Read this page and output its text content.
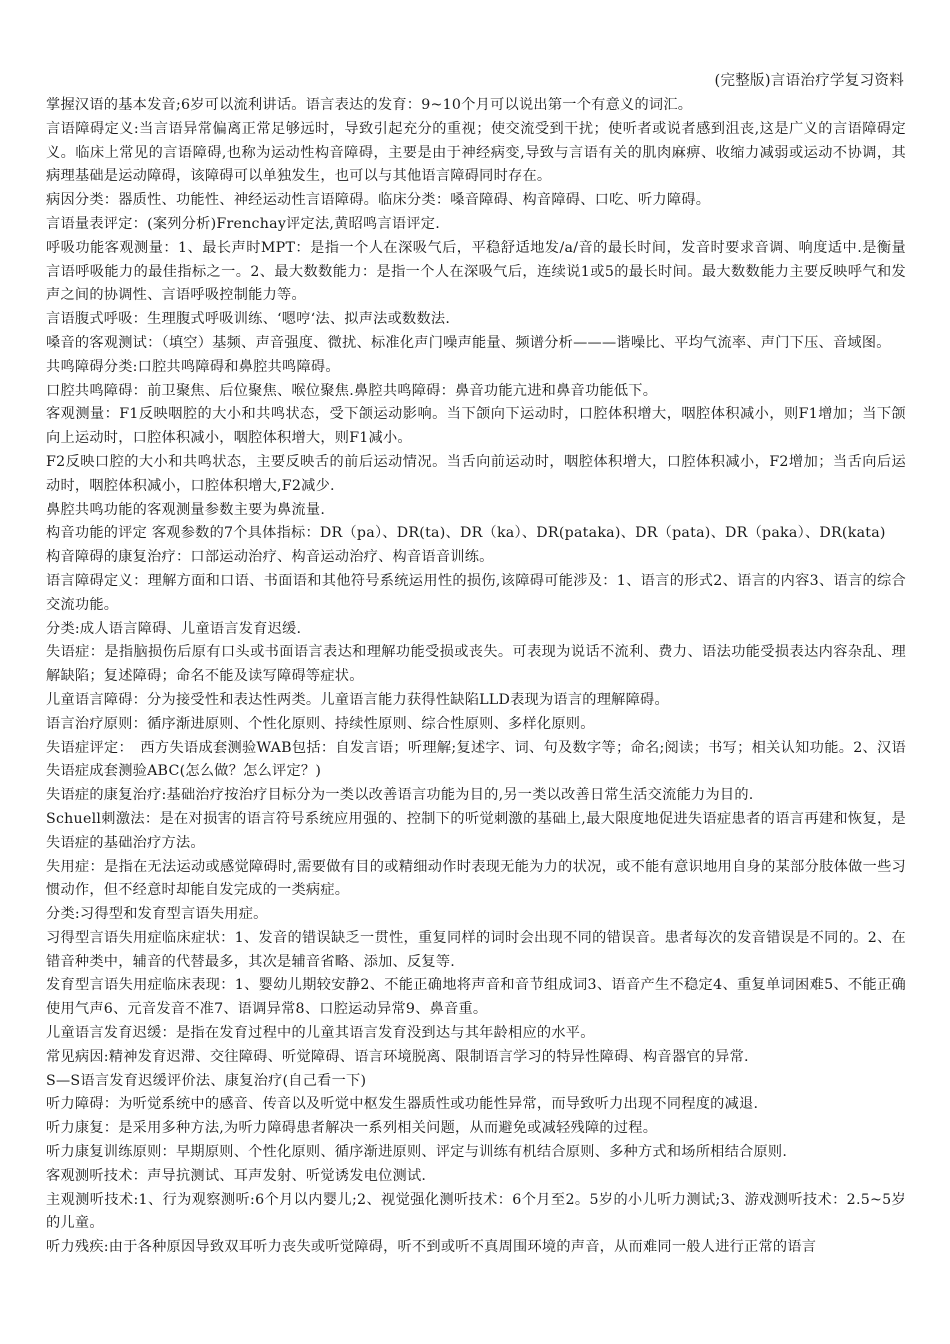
(完整版)言语治疗学复习资料

掌握汉语的基本发音;6岁可以流利讲话。语言表达的发育：9~10个月可以说出第一个有意义的词汇。

言语障碍定义:当言语异常偏离正常足够远时，导致引起充分的重视；使交流受到干扰；使听者或说者感到沮丧,这是广义的言语障碍定义。临床上常见的言语障碍,也称为运动性构音障碍，主要是由于神经病变,导致与言语有关的肌肉麻痹、收缩力减弱或运动不协调，其病理基础是运动障碍，该障碍可以单独发生，也可以与其他语言障碍同时存在。

病因分类：器质性、功能性、神经运动性言语障碍。临床分类：嗓音障碍、构音障碍、口吃、听力障碍。

言语量表评定：(案列分析)Frenchay评定法,黄昭鸣言语评定.

呼吸功能客观测量：1、最长声时MPT：是指一个人在深吸气后，平稳舒适地发/a/音的最长时间，发音时要求音调、响度适中.是衡量言语呼吸能力的最佳指标之一。2、最大数数能力：是指一个人在深吸气后，连续说1或5的最长时间。最大数数能力主要反映呼气和发声之间的协调性、言语呼吸控制能力等。

言语腹式呼吸：生理腹式呼吸训练、‘嗯哼‘法、拟声法或数数法.

嗓音的客观测试：（填空）基频、声音强度、微扰、标准化声门噪声能量、频谱分析———谐噪比、平均气流率、声门下压、音域图。

共鸣障碍分类:口腔共鸣障碍和鼻腔共鸣障碍。

口腔共鸣障碍：前卫聚焦、后位聚焦、喉位聚焦.鼻腔共鸣障碍：鼻音功能亢进和鼻音功能低下。

客观测量：F1反映咽腔的大小和共鸣状态，受下颌运动影响。当下颌向下运动时，口腔体积增大，咽腔体积减小，则F1增加；当下颌向上运动时，口腔体积减小，咽腔体积增大，则F1减小。

F2反映口腔的大小和共鸣状态，主要反映舌的前后运动情况。当舌向前运动时，咽腔体积增大，口腔体积减小，F2增加；当舌向后运动时，咽腔体积减小，口腔体积增大,F2减少.

鼻腔共鸣功能的客观测量参数主要为鼻流量.

构音功能的评定 客观参数的7个具体指标：DR（pa）、DR(ta)、DR（ka）、DR(pataka)、DR（pata)、DR（paka）、DR(kata)

构音障碍的康复治疗：口部运动治疗、构音运动治疗、构音语音训练。

语言障碍定义：理解方面和口语、书面语和其他符号系统运用性的损伤,该障碍可能涉及：1、语言的形式2、语言的内容3、语言的综合交流功能。

分类:成人语言障碍、儿童语言发育迟缓.

失语症：是指脑损伤后原有口头或书面语言表达和理解功能受损或丧失。可表现为说话不流利、费力、语法功能受损表达内容杂乱、理解缺陷；复述障碍；命名不能及读写障碍等症状。

儿童语言障碍：分为接受性和表达性两类。儿童语言能力获得性缺陷LLD表现为语言的理解障碍。

语言治疗原则：循序渐进原则、个性化原则、持续性原则、综合性原则、多样化原则。

失语症评定：　西方失语成套测验WAB包括：自发言语；听理解;复述字、词、句及数字等；命名;阅读；书写；相关认知功能。2、汉语失语症成套测验ABC(怎么做？怎么评定？)

失语症的康复治疗:基础治疗按治疗目标分为一类以改善语言功能为目的,另一类以改善日常生活交流能力为目的.

Schuell刺激法：是在对损害的语言符号系统应用强的、控制下的听觉刺激的基础上,最大限度地促进失语症患者的语言再建和恢复，是失语症的基础治疗方法。

失用症：是指在无法运动或感觉障碍时,需要做有目的或精细动作时表现无能为力的状况，或不能有意识地用自身的某部分肢体做一些习惯动作，但不经意时却能自发完成的一类病症。

分类:习得型和发育型言语失用症。

习得型言语失用症临床症状：1、发音的错误缺乏一贯性，重复同样的词时会出现不同的错误音。患者每次的发音错误是不同的。2、在错音种类中，辅音的代替最多，其次是辅音省略、添加、反复等.

发育型言语失用症临床表现：1、婴幼儿期较安静2、不能正确地将声音和音节组成词3、语音产生不稳定4、重复单词困难5、不能正确使用气声6、元音发音不准7、语调异常8、口腔运动异常9、鼻音重。

儿童语言发育迟缓：是指在发育过程中的儿童其语言发育没到达与其年龄相应的水平。

常见病因:精神发育迟滞、交往障碍、听觉障碍、语言环境脱离、限制语言学习的特异性障碍、构音器官的异常.

S—S语言发育迟缓评价法、康复治疗(自己看一下)

听力障碍：为听觉系统中的感音、传音以及听觉中枢发生器质性或功能性异常，而导致听力出现不同程度的减退.

听力康复：是采用多种方法,为听力障碍患者解决一系列相关问题，从而避免或减轻残障的过程。

听力康复训练原则：早期原则、个性化原则、循序渐进原则、评定与训练有机结合原则、多种方式和场所相结合原则.

客观测听技术：声导抗测试、耳声发射、听觉诱发电位测试.

主观测听技术:1、行为观察测听:6个月以内婴儿;2、视觉强化测听技术：6个月至2。5岁的小儿听力测试;3、游戏测听技术：2.5~5岁的儿童。

听力残疾:由于各种原因导致双耳听力丧失或听觉障碍，听不到或听不真周围环境的声音，从而难同一般人进行正常的语言
